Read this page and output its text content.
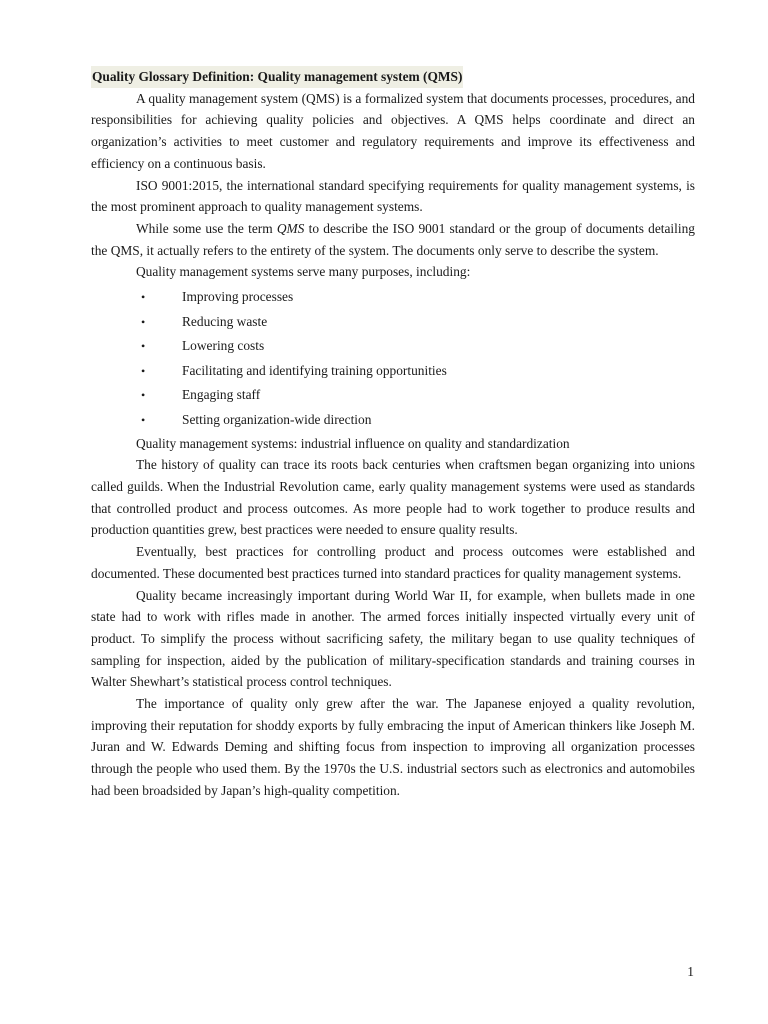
Quality Glossary Definition: Quality management system (QMS)

A quality management system (QMS) is a formalized system that documents processes, procedures, and responsibilities for achieving quality policies and objectives. A QMS helps coordinate and direct an organization’s activities to meet customer and regulatory requirements and improve its effectiveness and efficiency on a continuous basis.

ISO 9001:2015, the international standard specifying requirements for quality management systems, is the most prominent approach to quality management systems.

While some use the term QMS to describe the ISO 9001 standard or the group of documents detailing the QMS, it actually refers to the entirety of the system. The documents only serve to describe the system.

Quality management systems serve many purposes, including:

•	Improving processes
•	Reducing waste
•	Lowering costs
•	Facilitating and identifying training opportunities
•	Engaging staff
•	Setting organization-wide direction

Quality management systems: industrial influence on quality and standardization

The history of quality can trace its roots back centuries when craftsmen began organizing into unions called guilds. When the Industrial Revolution came, early quality management systems were used as standards that controlled product and process outcomes. As more people had to work together to produce results and production quantities grew, best practices were needed to ensure quality results.

Eventually, best practices for controlling product and process outcomes were established and documented. These documented best practices turned into standard practices for quality management systems.

Quality became increasingly important during World War II, for example, when bullets made in one state had to work with rifles made in another. The armed forces initially inspected virtually every unit of product. To simplify the process without sacrificing safety, the military began to use quality techniques of sampling for inspection, aided by the publication of military-specification standards and training courses in Walter Shewhart’s statistical process control techniques.

The importance of quality only grew after the war. The Japanese enjoyed a quality revolution, improving their reputation for shoddy exports by fully embracing the input of American thinkers like Joseph M. Juran and W. Edwards Deming and shifting focus from inspection to improving all organization processes through the people who used them. By the 1970s the U.S. industrial sectors such as electronics and automobiles had been broadsided by Japan’s high-quality competition.

1
